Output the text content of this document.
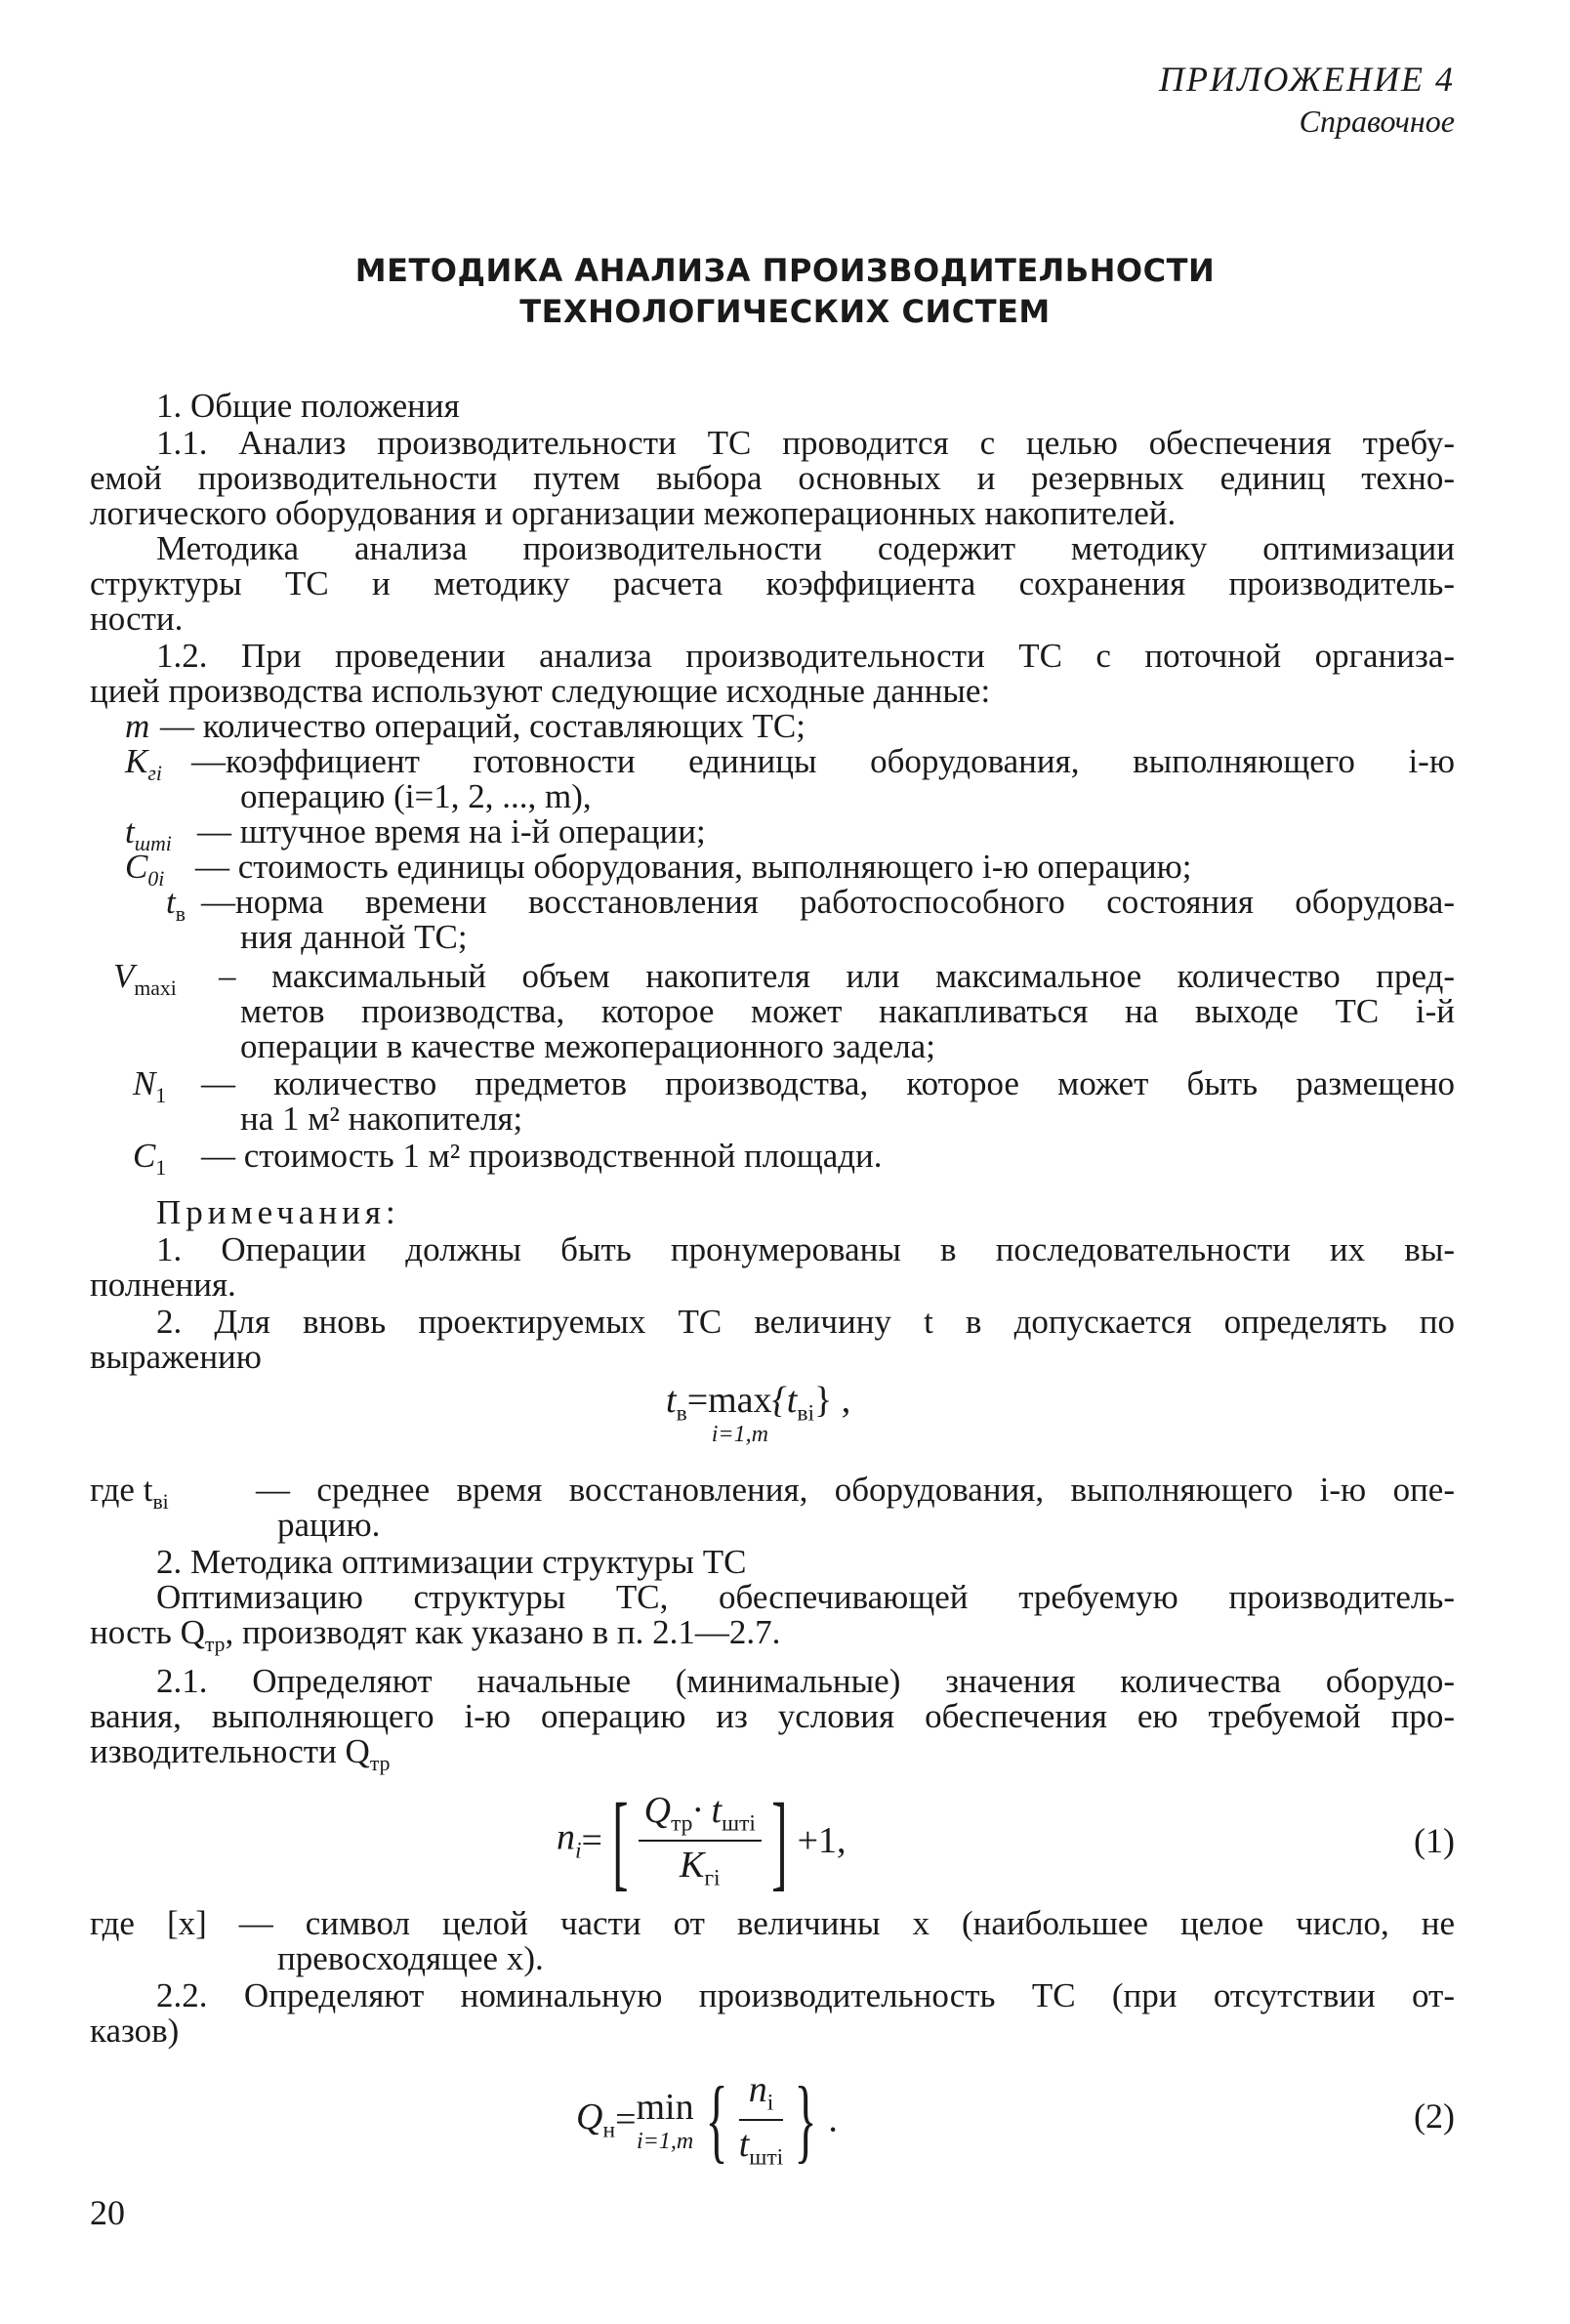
ПРИЛОЖЕНИЕ 4
Справочное
МЕТОДИКА АНАЛИЗА ПРОИЗВОДИТЕЛЬНОСТИ
ТЕХНОЛОГИЧЕСКИХ СИСТЕМ
1. Общие положения
1.1. Анализ производительности ТС проводится с целью обеспечения требу-
емой производительности путем выбора основных и резервных единиц техно-
логического оборудования и организации межоперационных накопителей.
Методика анализа производительности содержит методику оптимизации
структуры ТС и методику расчета коэффициента сохранения производитель-
ности.
1.2. При проведении анализа производительности ТС с поточной организа-
цией производства используют следующие исходные данные:
m — количество операций, составляющих ТС;
$K_{гi}$ —коэффициент готовности единицы оборудования, выполняющего i-ю
операцию (i=1, 2, ..., m),
$t_{штi}$ — штучное время на i-й операции;
$C_{0i}$ — стоимость единицы оборудования, выполняющего i-ю операцию;
$t_в$ —норма времени восстановления работоспособного состояния оборудова-
ния данной ТС;
$V_{maxi}$ – максимальный объем накопителя или максимальное количество пред-
метов производства, которое может накапливаться на выходе ТС i-й
операции в качестве межоперационного задела;
$N_1$ — количество предметов производства, которое может быть размещено
на 1 м² накопителя;
$C_1$ — стоимость 1 м² производственной площади.
Примечания:
1. Операции должны быть пронумерованы в последовательности их вы-
полнения.
2. Для вновь проектируемых ТС величину t в допускается определять по
выражению
$t_в=\max$
i=1,m
$\{t_{вi}\}$ ,
где $t_{вi}$	— среднее время восстановления, оборудования, выполняющего i-ю опе-
рацию.
2. Методика оптимизации структуры ТС
Оптимизацию структуры ТС, обеспечивающей требуемую производитель-
ность $Q_{тр}$, производят как указано в п. 2.1—2.7.
2.1. Определяют начальные (минимальные) значения количества оборудо-
вания, выполняющего i-ю операцию из условия обеспечения ею требуемой про-
изводительности $Q_{тр}$
$n_i=[ \frac{Q_{тр}\cdot t_{штi}}{K_{гi}}$ ] +1,	(1)
где [x] — символ целой части от величины x (наибольшее целое число, не
превосходящее x).
2.2. Определяют номинальную производительность ТС (при отсутствии от-
казов)
$Q_н=\min$
i=1,m { $\frac{n_i}{t_{штi}}$ } .	(2)
20
